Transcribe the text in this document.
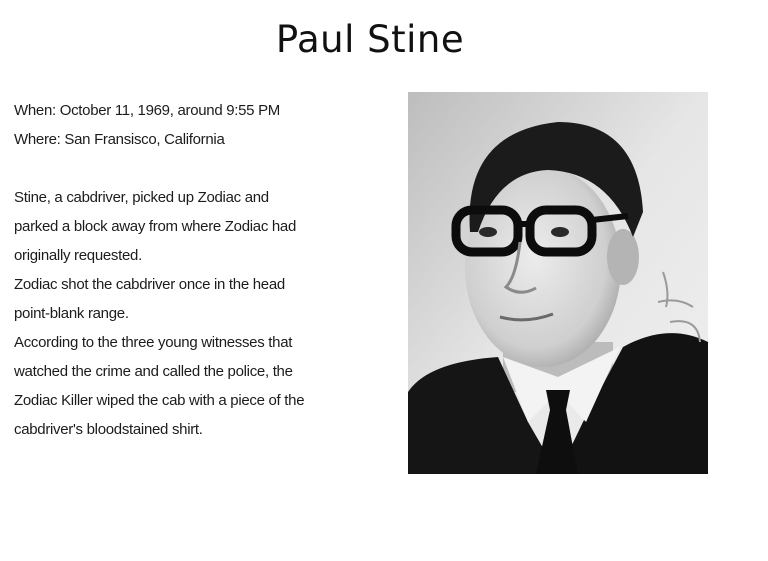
Paul Stine

When: October 11, 1969, around 9:55 PM

Where: San Fransisco, California

Stine, a cabdriver, picked up Zodiac and parked a block away from where Zodiac had originally requested.

Zodiac shot the cabdriver once in the head point-blank range.

According to the three young witnesses that watched the crime and called the police, the Zodiac Killer wiped the cab with a piece of the cabdriver's bloodstained shirt.
